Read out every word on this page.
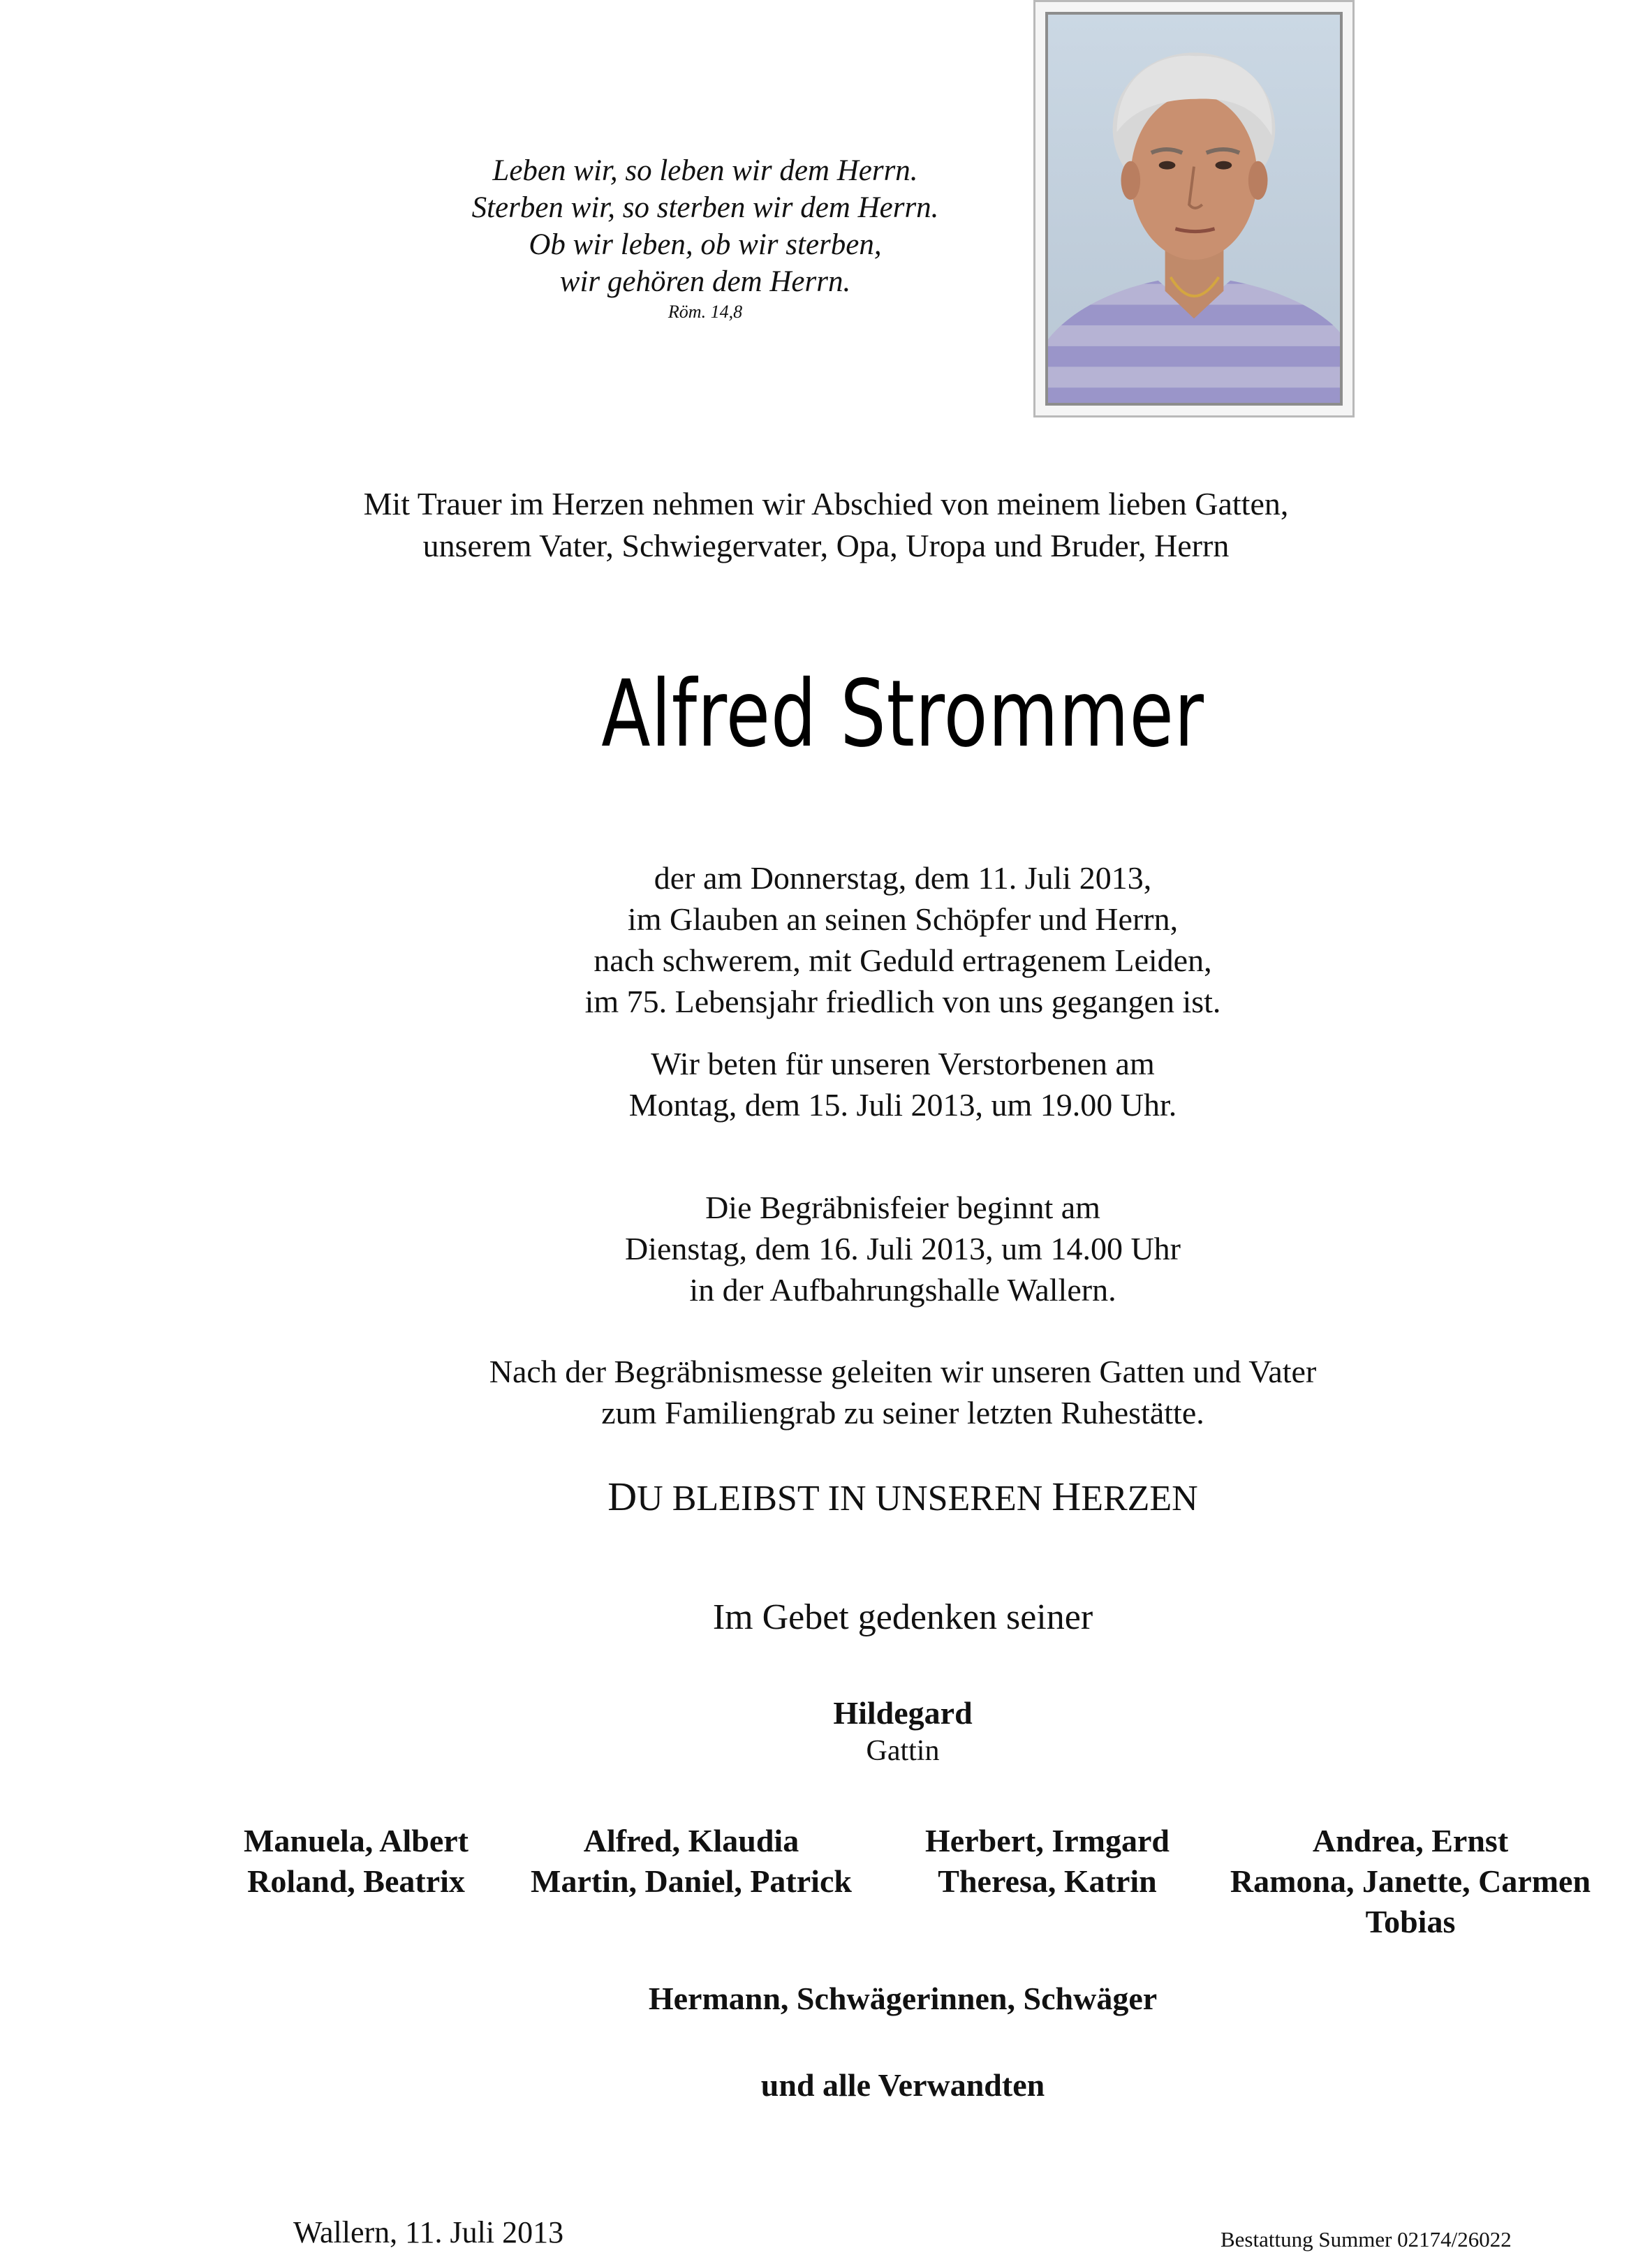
Leben wir, so leben wir dem Herrn.
Sterben wir, so sterben wir dem Herrn.
Ob wir leben, ob wir sterben,
wir gehören dem Herrn.
Röm. 14,8
Mit Trauer im Herzen nehmen wir Abschied von meinem lieben Gatten,
unserem Vater, Schwiegervater, Opa, Uropa und Bruder, Herrn
Alfred Strommer
der am Donnerstag, dem 11. Juli 2013,
im Glauben an seinen Schöpfer und Herrn,
nach schwerem, mit Geduld ertragenem Leiden,
im 75. Lebensjahr friedlich von uns gegangen ist.
Wir beten für unseren Verstorbenen am
Montag, dem 15. Juli 2013, um 19.00 Uhr.
Die Begräbnisfeier beginnt am
Dienstag, dem 16. Juli 2013, um 14.00 Uhr
in der Aufbahrungshalle Wallern.
Nach der Begräbnismesse geleiten wir unseren Gatten und Vater
zum Familiengrab zu seiner letzten Ruhestätte.
DU BLEIBST IN UNSEREN HERZEN
Im Gebet gedenken seiner
Hildegard
Gattin
Manuela, Albert
Roland, Beatrix
Alfred, Klaudia
Martin, Daniel, Patrick
Herbert, Irmgard
Theresa, Katrin
Andrea, Ernst
Ramona, Janette, Carmen
Tobias
Hermann, Schwägerinnen, Schwäger
und alle Verwandten
Wallern, 11. Juli 2013	Bestattung Summer 02174/26022
